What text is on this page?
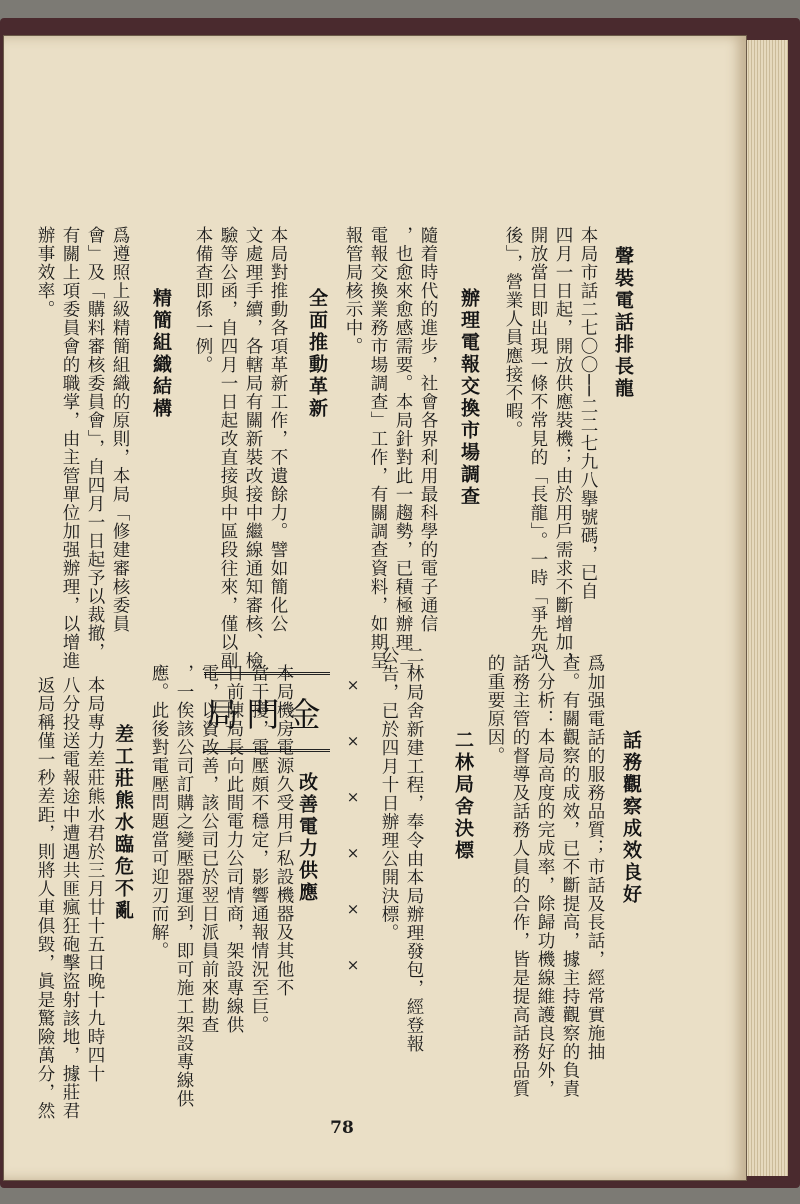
聲裝電話排長龍
本局市話二七〇〇──二二七九八擧號碼，已自
四月一日起，開放供應裝機；由於用戶需求不斷增加，
開放當日即出現一條不常見的「長龍」。一時「爭先恐
後」，營業人員應接不暇。
辦理電報交換市場調查
隨着時代的進步，社會各界利用最科學的電子通信
，也愈來愈感需要。本局針對此一趨勢，已積極辦理「
電報交換業務市場調查」工作，有關調查資料，如期呈
報管局核示中。
全面推動革新
本局對推動各項革新工作，不遺餘力。譬如簡化公
文處理手續，各轄局有關新裝改接中繼線通知審核、檢
驗等公函，自四月一日起改直接與中區段往來，僅以副
本備查即係一例。
精簡組織結構
爲遵照上級精簡組織的原則，本局「修建審核委員
會」及「購料審核委員會」，自四月一日起予以裁撤，
有關上項委員會的職掌，由主管單位加强辦理，以增進
辦事效率。
話務觀察成效良好
爲加强電話的服務品質；市話及長話，經常實施抽
查。有關觀察的成效，已不斷提高，據主持觀察的負責
人分析：本局高度的完成率，除歸功機線維護良好外，
話務主管的督導及話務人員的合作，皆是提高話務品質
的重要原因。
二林局舍決標
二林局舍新建工程，奉令由本局辦理發包，經登報
公告，已於四月十日辦理公開決標。
××××××
金門局
改善電力供應
本局機房電源久受用戶私設機器及其他不
當干擾，電壓頗不穩定，影響通報情況至巨。
日前陳局長向此間電力公司情商，架設專線供
電，以資改善，該公司已於翌日派員前來勘查
，一俟該公司訂購之變壓器運到，即可施工架設專線供
應。此後對電壓問題當可迎刃而解。
差工莊熊水臨危不亂
本局專力差莊熊水君於三月廿十五日晚十九時四十
八分投送電報途中遭遇共匪瘋狂砲擊盜射該地，據莊君
返局稱僅一秒差距，則將人車俱毀，眞是驚險萬分，然
78
